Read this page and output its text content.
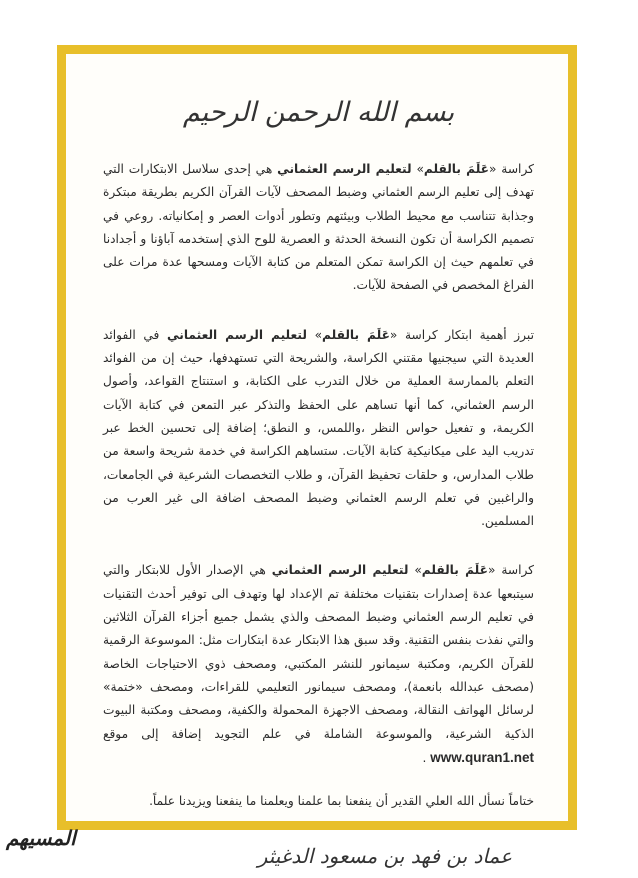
بسم الله الرحمن الرحيم

كراسة «عَلَمَ بالقلم» لتعليم الرسم العثماني هي إحدى سلاسل الابتكارات التي تهدف إلى تعليم الرسم العثماني وضبط المصحف لآيات القرآن الكريم بطريقة مبتكرة وجذابة تتناسب مع محيط الطلاب وبيئتهم وتطور أدوات العصر و إمكانياته. روعي في تصميم الكراسة أن تكون النسخة الحدثة و العصرية للوح الذي إستخدمه آباؤنا و أجدادنا في تعلمهم حيث إن الكراسة تمكن المتعلم من كتابة الآيات ومسحها عدة مرات على الفراغ المخصص في الصفحة للآيات.

تبرز أهمية ابتكار كراسة «عَلَمَ بالقلم» لتعليم الرسم العثماني في الفوائد العديدة التي سيجنيها مقتني الكراسة، والشريحة التي تستهدفها، حيث إن من الفوائد التعلم بالممارسة العملية من خلال التدرب على الكتابة، و استنتاج القواعد، وأصول الرسم العثماني، كما أنها تساهم على الحفظ والتذكر عبر التمعن في كتابة الآيات الكريمة، و تفعيل حواس النظر ،واللمس، و النطق؛ إضافة إلى تحسين الخط عبر تدريب اليد على ميكانيكية كتابة الآيات. ستساهم الكراسة في خدمة شريحة واسعة من طلاب المدارس، و حلقات تحفيظ القرآن، و طلاب التخصصات الشرعية في الجامعات، والراغبين في تعلم الرسم العثماني وضبط المصحف اضافة الى غير العرب من المسلمين.

كراسة «عَلَمَ بالقلم» لتعليم الرسم العثماني هي الإصدار الأول للابتكار والتي سيتبعها عدة إصدارات بتقنيات مختلفة تم الإعداد لها وتهدف الى توفير أحدث التقنيات في تعليم الرسم العثماني وضبط المصحف والذي يشمل جميع أجزاء القرآن الثلاثين والتي نفذت بنفس التقنية. وقد سبق هذا الابتكار عدة ابتكارات مثل: الموسوعة الرقمية للقرآن الكريم، ومكتبة سيمانور للنشر المكتبي، ومصحف ذوي الاحتياجات الخاصة (مصحف عبدالله بانعمة)، ومصحف سيمانور التعليمي للقراءات، ومصحف «ختمة» لرسائل الهواتف النقالة، ومصحف الاجهزة المحمولة والكفية، ومصحف ومكتبة البيوت الذكية الشرعية، والموسوعة الشاملة في علم التجويد إضافة إلى موقع www.quran1.net .

ختاماً نسأل الله العلي القدير أن ينفعنا بما علمنا ويعلمنا ما ينفعنا ويزيدنا علماً.

عماد بن فهد بن مسعود الدغيثر
المسيهم
